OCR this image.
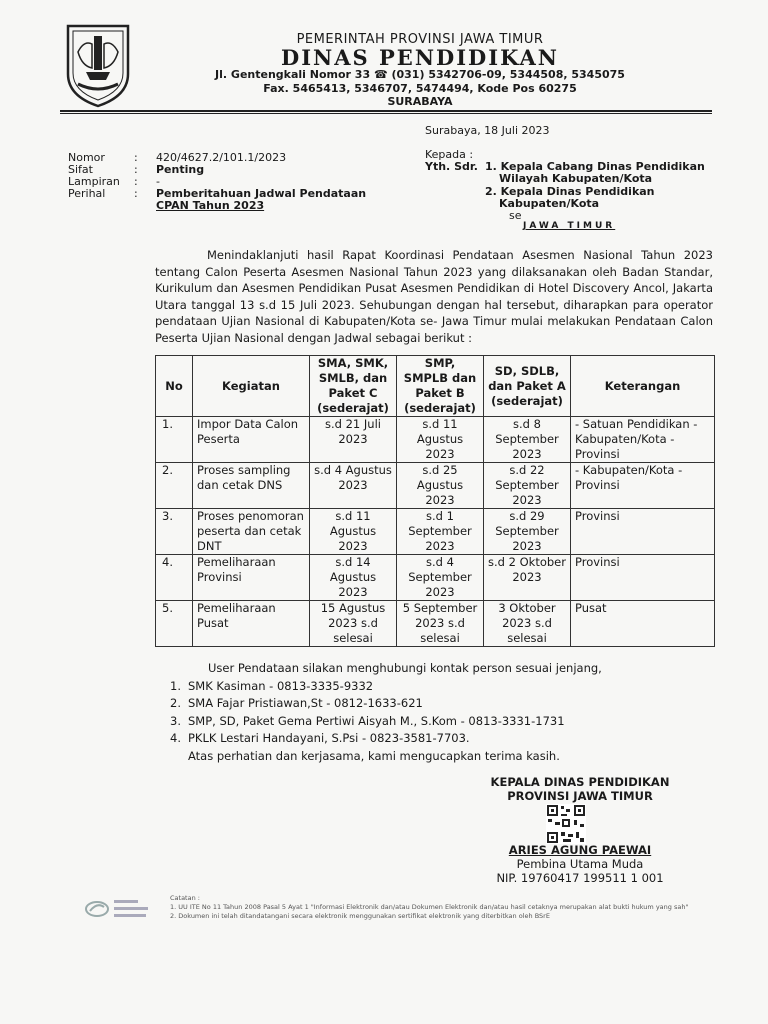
PEMERINTAH PROVINSI JAWA TIMUR
DINAS PENDIDIKAN
Jl. Gentengkali Nomor 33 ☎ (031) 5342706-09, 5344508, 5345075
Fax. 5465413, 5346707, 5474494, Kode Pos 60275
SURABAYA
Surabaya, 18 Juli 2023
Nomor	:	420/4627.2/101.1/2023
Sifat	:	Penting
Lampiran	:	-
Perihal	:	Pemberitahuan Jadwal Pendataan
CPAN Tahun 2023
Kepada :
Yth. Sdr. 1. Kepala Cabang Dinas Pendidikan
Wilayah Kabupaten/Kota
2. Kepala Dinas Pendidikan
Kabupaten/Kota
se
JAWA TIMUR

Menindaklanjuti hasil Rapat Koordinasi Pendataan Asesmen Nasional Tahun 2023 tentang Calon Peserta Asesmen Nasional Tahun 2023 yang dilaksanakan oleh Badan Standar, Kurikulum dan Asesmen Pendidikan Pusat Asesmen Pendidikan di Hotel Discovery Ancol, Jakarta Utara tanggal 13 s.d 15 Juli 2023. Sehubungan dengan hal tersebut, diharapkan para operator pendataan Ujian Nasional di Kabupaten/Kota se- Jawa Timur mulai melakukan Pendataan Calon Peserta Ujian Nasional dengan Jadwal sebagai berikut :

No	Kegiatan	SMA, SMK, SMLB, dan Paket C (sederajat)	SMP, SMPLB dan Paket B (sederajat)	SD, SDLB, dan Paket A (sederajat)	Keterangan
1.	Impor Data Calon Peserta	s.d 21 Juli 2023	s.d 11 Agustus 2023	s.d 8 September 2023	- Satuan Pendidikan - Kabupaten/Kota - Provinsi
2.	Proses sampling dan cetak DNS	s.d 4 Agustus 2023	s.d 25 Agustus 2023	s.d 22 September 2023	- Kabupaten/Kota - Provinsi
3.	Proses penomoran peserta dan cetak DNT	s.d 11 Agustus 2023	s.d 1 September 2023	s.d 29 September 2023	Provinsi
4.	Pemeliharaan Provinsi	s.d 14 Agustus 2023	s.d 4 September 2023	s.d 2 Oktober 2023	Provinsi
5.	Pemeliharaan Pusat	15 Agustus 2023 s.d selesai	5 September 2023 s.d selesai	3 Oktober 2023 s.d selesai	Pusat
User Pendataan silakan menghubungi kontak person sesuai jenjang,
1. SMK Kasiman - 0813-3335-9332
2. SMA Fajar Pristiawan,St - 0812-1633-621
3. SMP, SD, Paket Gema Pertiwi Aisyah M., S.Kom - 0813-3331-1731
4. PKLK Lestari Handayani, S.Psi - 0823-3581-7703.
Atas perhatian dan kerjasama, kami mengucapkan terima kasih.
KEPALA DINAS PENDIDIKAN
PROVINSI JAWA TIMUR
ARIES AGUNG PAEWAI
Pembina Utama Muda
NIP. 19760417 199511 1 001
Catatan :
1. UU ITE No 11 Tahun 2008 Pasal 5 Ayat 1 "Informasi Elektronik dan/atau Dokumen Elektronik dan/atau hasil cetaknya merupakan alat bukti hukum yang sah"
2. Dokumen ini telah ditandatangani secara elektronik menggunakan sertifikat elektronik yang diterbitkan oleh BSrE
